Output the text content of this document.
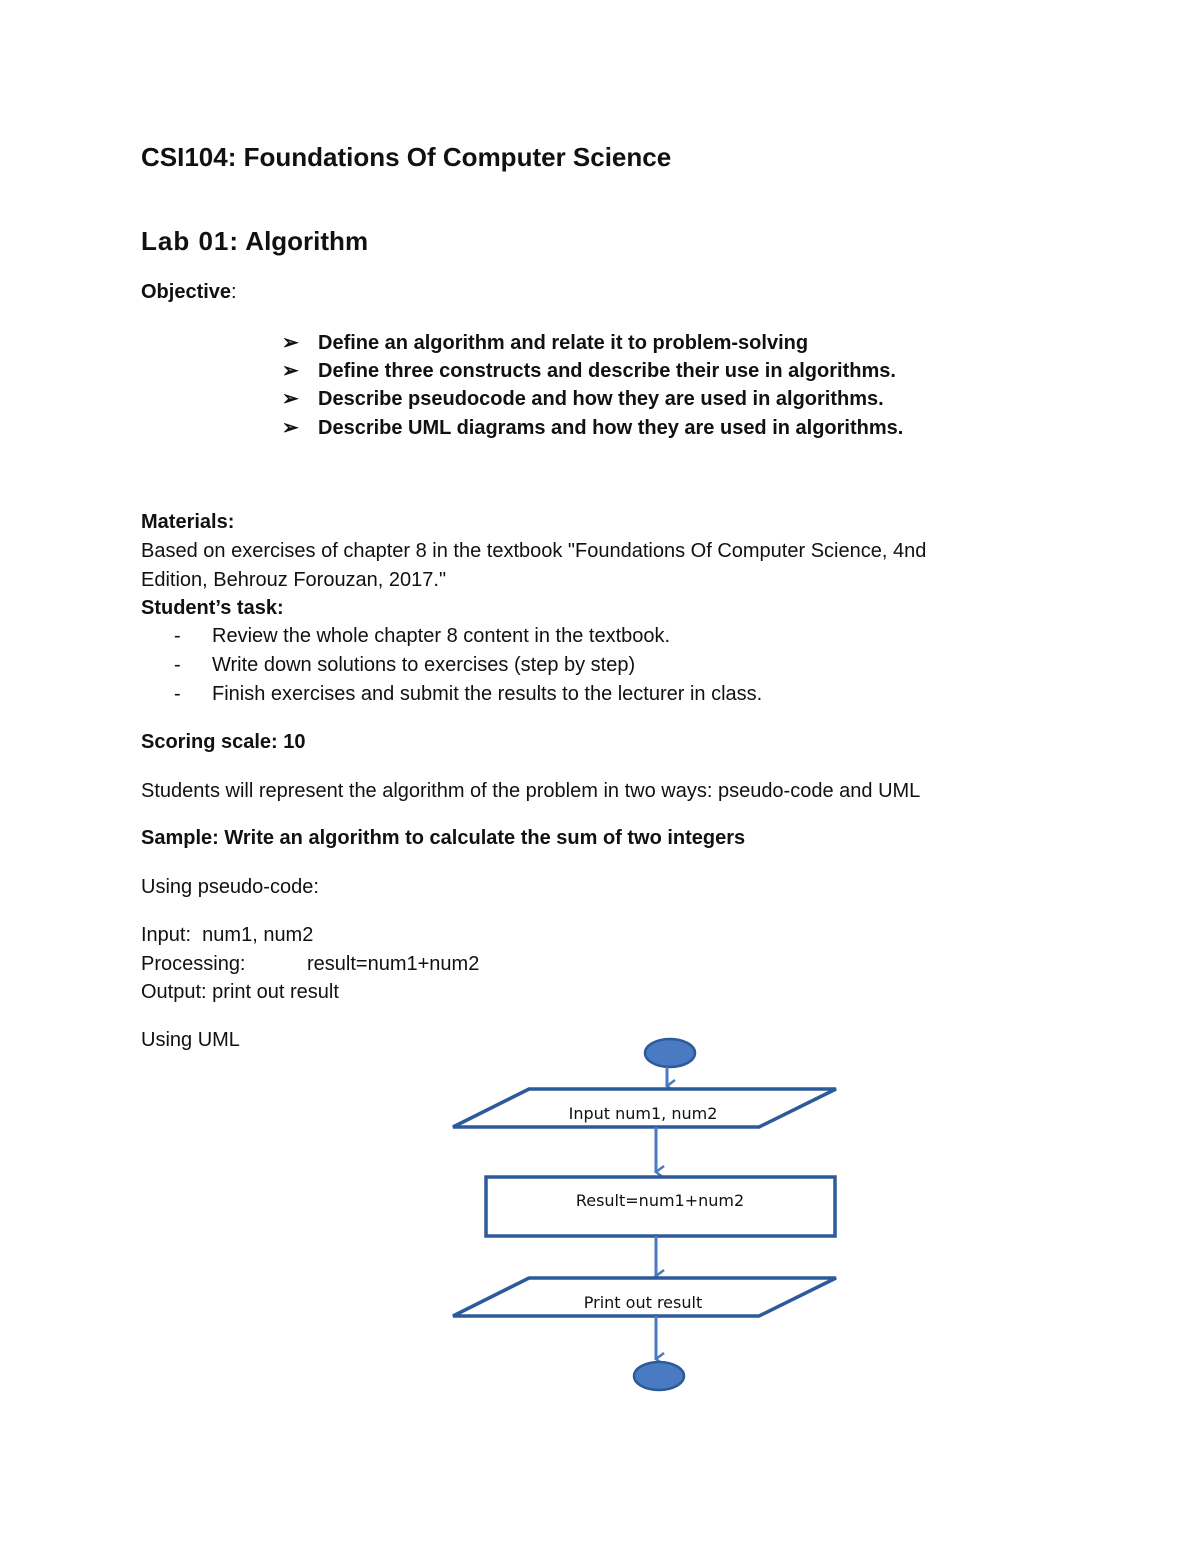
CSI104: Foundations Of Computer Science
Lab 01: Algorithm
Objective:
➢ Define an algorithm and relate it to problem-solving
➢ Define three constructs and describe their use in algorithms.
➢ Describe pseudocode and how they are used in algorithms.
➢ Describe UML diagrams and how they are used in algorithms.
Materials:
Based on exercises of chapter 8 in the textbook "Foundations Of Computer Science, 4nd
Edition, Behrouz Forouzan, 2017."
Student’s task:
- Review the whole chapter 8 content in the textbook.
- Write down solutions to exercises (step by step)
- Finish exercises and submit the results to the lecturer in class.
Scoring scale: 10
Students will represent the algorithm of the problem in two ways: pseudo-code and UML
Sample: Write an algorithm to calculate the sum of two integers
Using pseudo-code:
Input: num1, num2
Processing:	result=num1+num2
Output: print out result
Using UML
Input num1, num2
Result=num1+num2
Print out result
